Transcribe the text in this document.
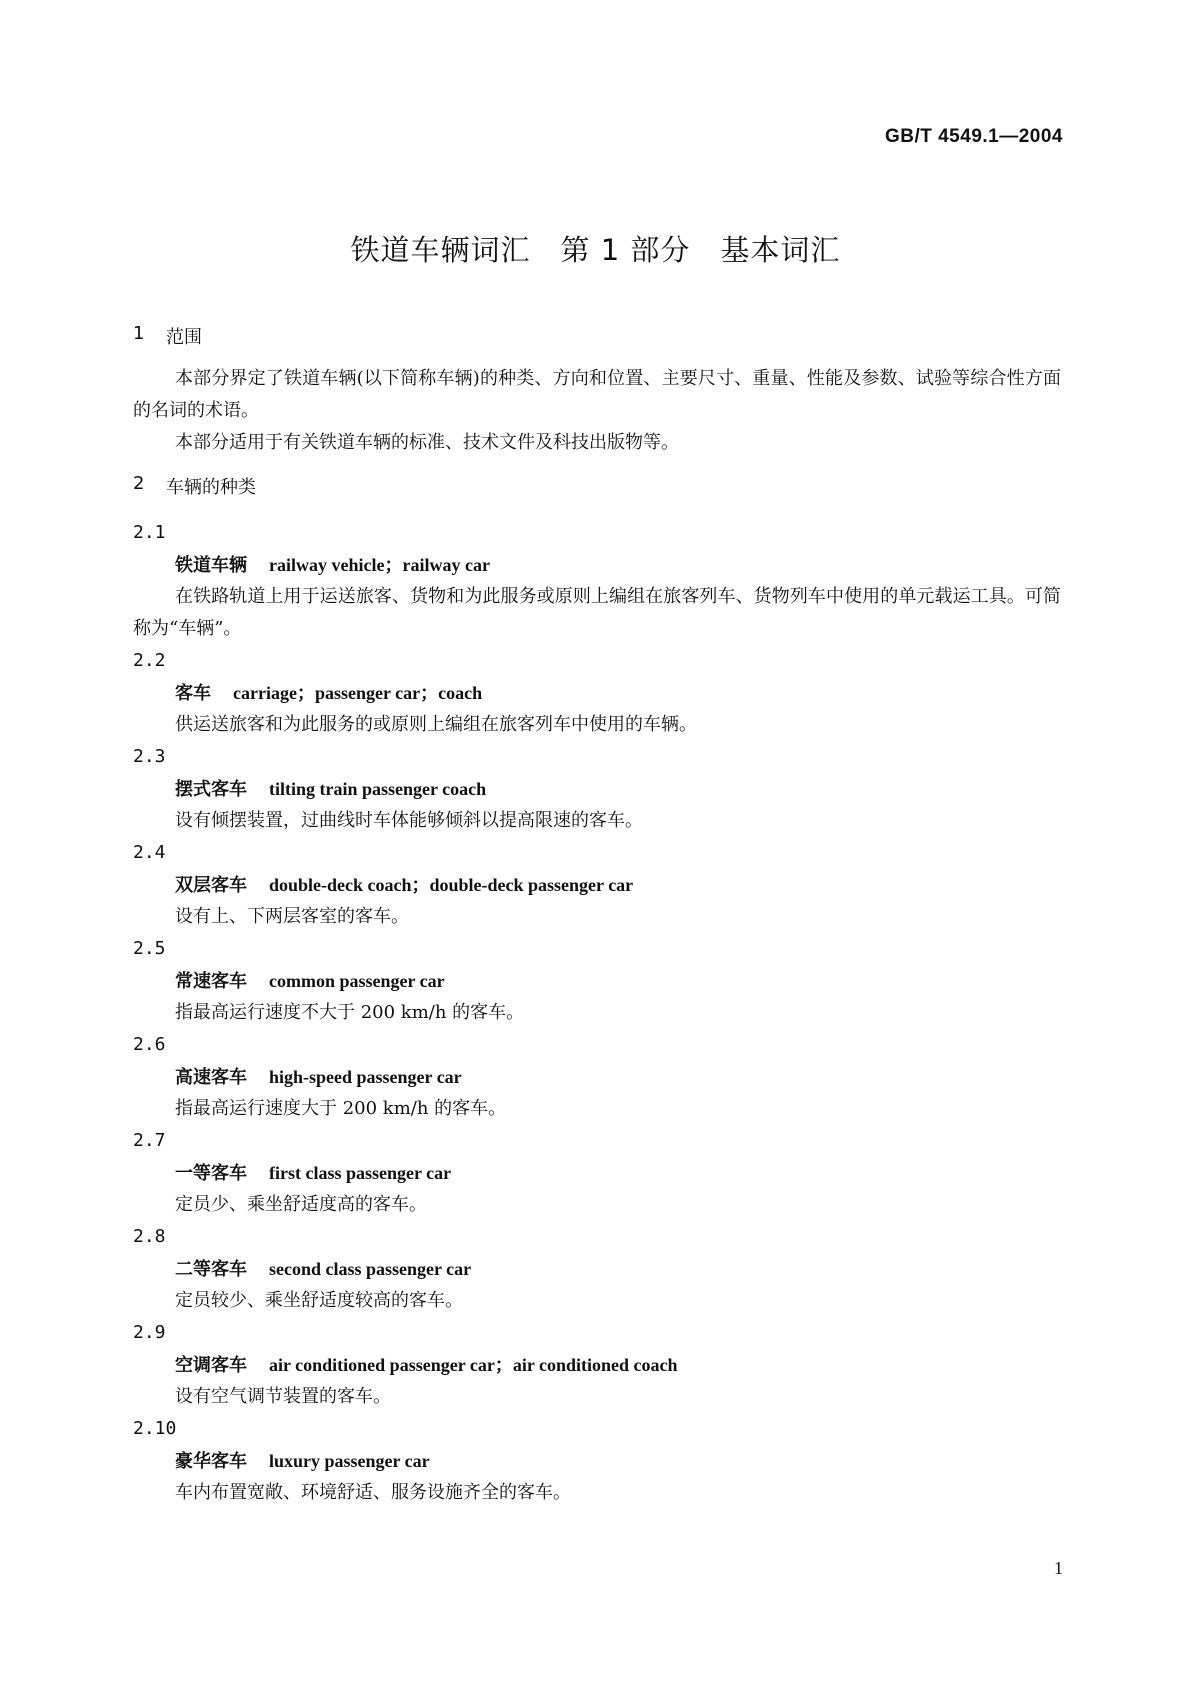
GB/T 4549.1—2004
铁道车辆词汇　第 1 部分　基本词汇
1	范围

本部分界定了铁道车辆(以下简称车辆)的种类、方向和位置、主要尺寸、重量、性能及参数、试验等综合性方面的名词的术语。

本部分适用于有关铁道车辆的标准、技术文件及科技出版物等。

2	车辆的种类
2.1
铁道车辆 railway vehicle；railway car

在铁路轨道上用于运送旅客、货物和为此服务或原则上编组在旅客列车、货物列车中使用的单元载运工具。可简称为“车辆”。

2.2
客车 carriage；passenger car；coach

供运送旅客和为此服务的或原则上编组在旅客列车中使用的车辆。

2.3
摆式客车 tilting train passenger coach

设有倾摆装置，过曲线时车体能够倾斜以提高限速的客车。

2.4
双层客车 double-deck coach；double-deck passenger car

设有上、下两层客室的客车。

2.5
常速客车 common passenger car

指最高运行速度不大于 200 km/h 的客车。

2.6
高速客车 high-speed passenger car

指最高运行速度大于 200 km/h 的客车。

2.7
一等客车 first class passenger car

定员少、乘坐舒适度高的客车。

2.8
二等客车 second class passenger car

定员较少、乘坐舒适度较高的客车。

2.9
空调客车 air conditioned passenger car；air conditioned coach

设有空气调节装置的客车。

2.10
豪华客车 luxury passenger car

车内布置宽敞、环境舒适、服务设施齐全的客车。

1
